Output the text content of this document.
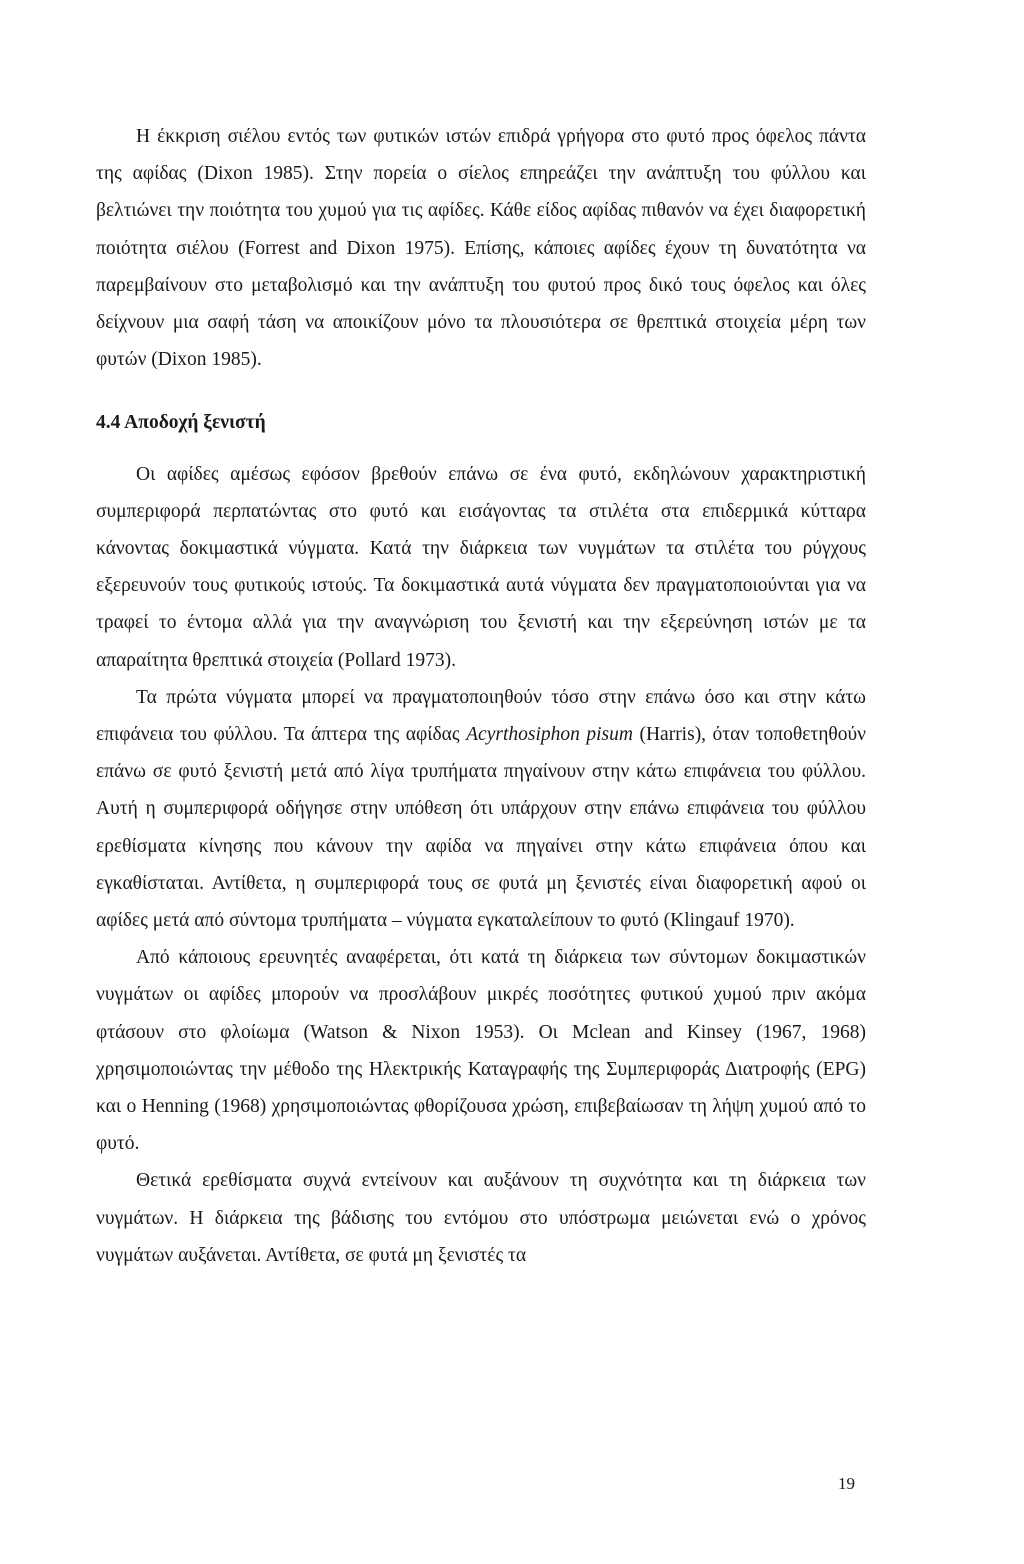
Η έκκριση σιέλου εντός των φυτικών ιστών επιδρά γρήγορα στο φυτό προς όφελος πάντα της αφίδας (Dixon 1985). Στην πορεία ο σίελος επηρεάζει την ανάπτυξη του φύλλου και βελτιώνει την ποιότητα του χυμού για τις αφίδες. Κάθε είδος αφίδας πιθανόν να έχει διαφορετική ποιότητα σιέλου (Forrest and Dixon 1975). Επίσης, κάποιες αφίδες έχουν τη δυνατότητα να παρεμβαίνουν στο μεταβολισμό και την ανάπτυξη του φυτού προς δικό τους όφελος και όλες δείχνουν μια σαφή τάση να αποικίζουν μόνο τα πλουσιότερα σε θρεπτικά στοιχεία μέρη των φυτών (Dixon 1985).

4.4 Αποδοχή ξενιστή

Οι αφίδες αμέσως εφόσον βρεθούν επάνω σε ένα φυτό, εκδηλώνουν χαρακτηριστική συμπεριφορά περπατώντας στο φυτό και εισάγοντας τα στιλέτα στα επιδερμικά κύτταρα κάνοντας δοκιμαστικά νύγματα. Κατά την διάρκεια των νυγμάτων τα στιλέτα του ρύγχους εξερευνούν τους φυτικούς ιστούς. Τα δοκιμαστικά αυτά νύγματα δεν πραγματοποιούνται για να τραφεί το έντομα αλλά για την αναγνώριση του ξενιστή και την εξερεύνηση ιστών με τα απαραίτητα θρεπτικά στοιχεία (Pollard 1973).

Τα πρώτα νύγματα μπορεί να πραγματοποιηθούν τόσο στην επάνω όσο και στην κάτω επιφάνεια του φύλλου. Τα άπτερα της αφίδας Acyrthosiphon pisum (Harris), όταν τοποθετηθούν επάνω σε φυτό ξενιστή μετά από λίγα τρυπήματα πηγαίνουν στην κάτω επιφάνεια του φύλλου. Αυτή η συμπεριφορά οδήγησε στην υπόθεση ότι υπάρχουν στην επάνω επιφάνεια του φύλλου ερεθίσματα κίνησης που κάνουν την αφίδα να πηγαίνει στην κάτω επιφάνεια όπου και εγκαθίσταται. Αντίθετα, η συμπεριφορά τους σε φυτά μη ξενιστές είναι διαφορετική αφού οι αφίδες μετά από σύντομα τρυπήματα – νύγματα εγκαταλείπουν το φυτό (Klingauf 1970).

Από κάποιους ερευνητές αναφέρεται, ότι κατά τη διάρκεια των σύντομων δοκιμαστικών νυγμάτων οι αφίδες μπορούν να προσλάβουν μικρές ποσότητες φυτικού χυμού πριν ακόμα φτάσουν στο φλοίωμα (Watson & Nixon 1953). Οι Mclean and Kinsey (1967, 1968) χρησιμοποιώντας την μέθοδο της Ηλεκτρικής Καταγραφής της Συμπεριφοράς Διατροφής (EPG) και ο Henning (1968) χρησιμοποιώντας φθορίζουσα χρώση, επιβεβαίωσαν τη λήψη χυμού από το φυτό.

Θετικά ερεθίσματα συχνά εντείνουν και αυξάνουν τη συχνότητα και τη διάρκεια των νυγμάτων. Η διάρκεια της βάδισης του εντόμου στο υπόστρωμα μειώνεται ενώ ο χρόνος νυγμάτων αυξάνεται. Αντίθετα, σε φυτά μη ξενιστές τα

19
